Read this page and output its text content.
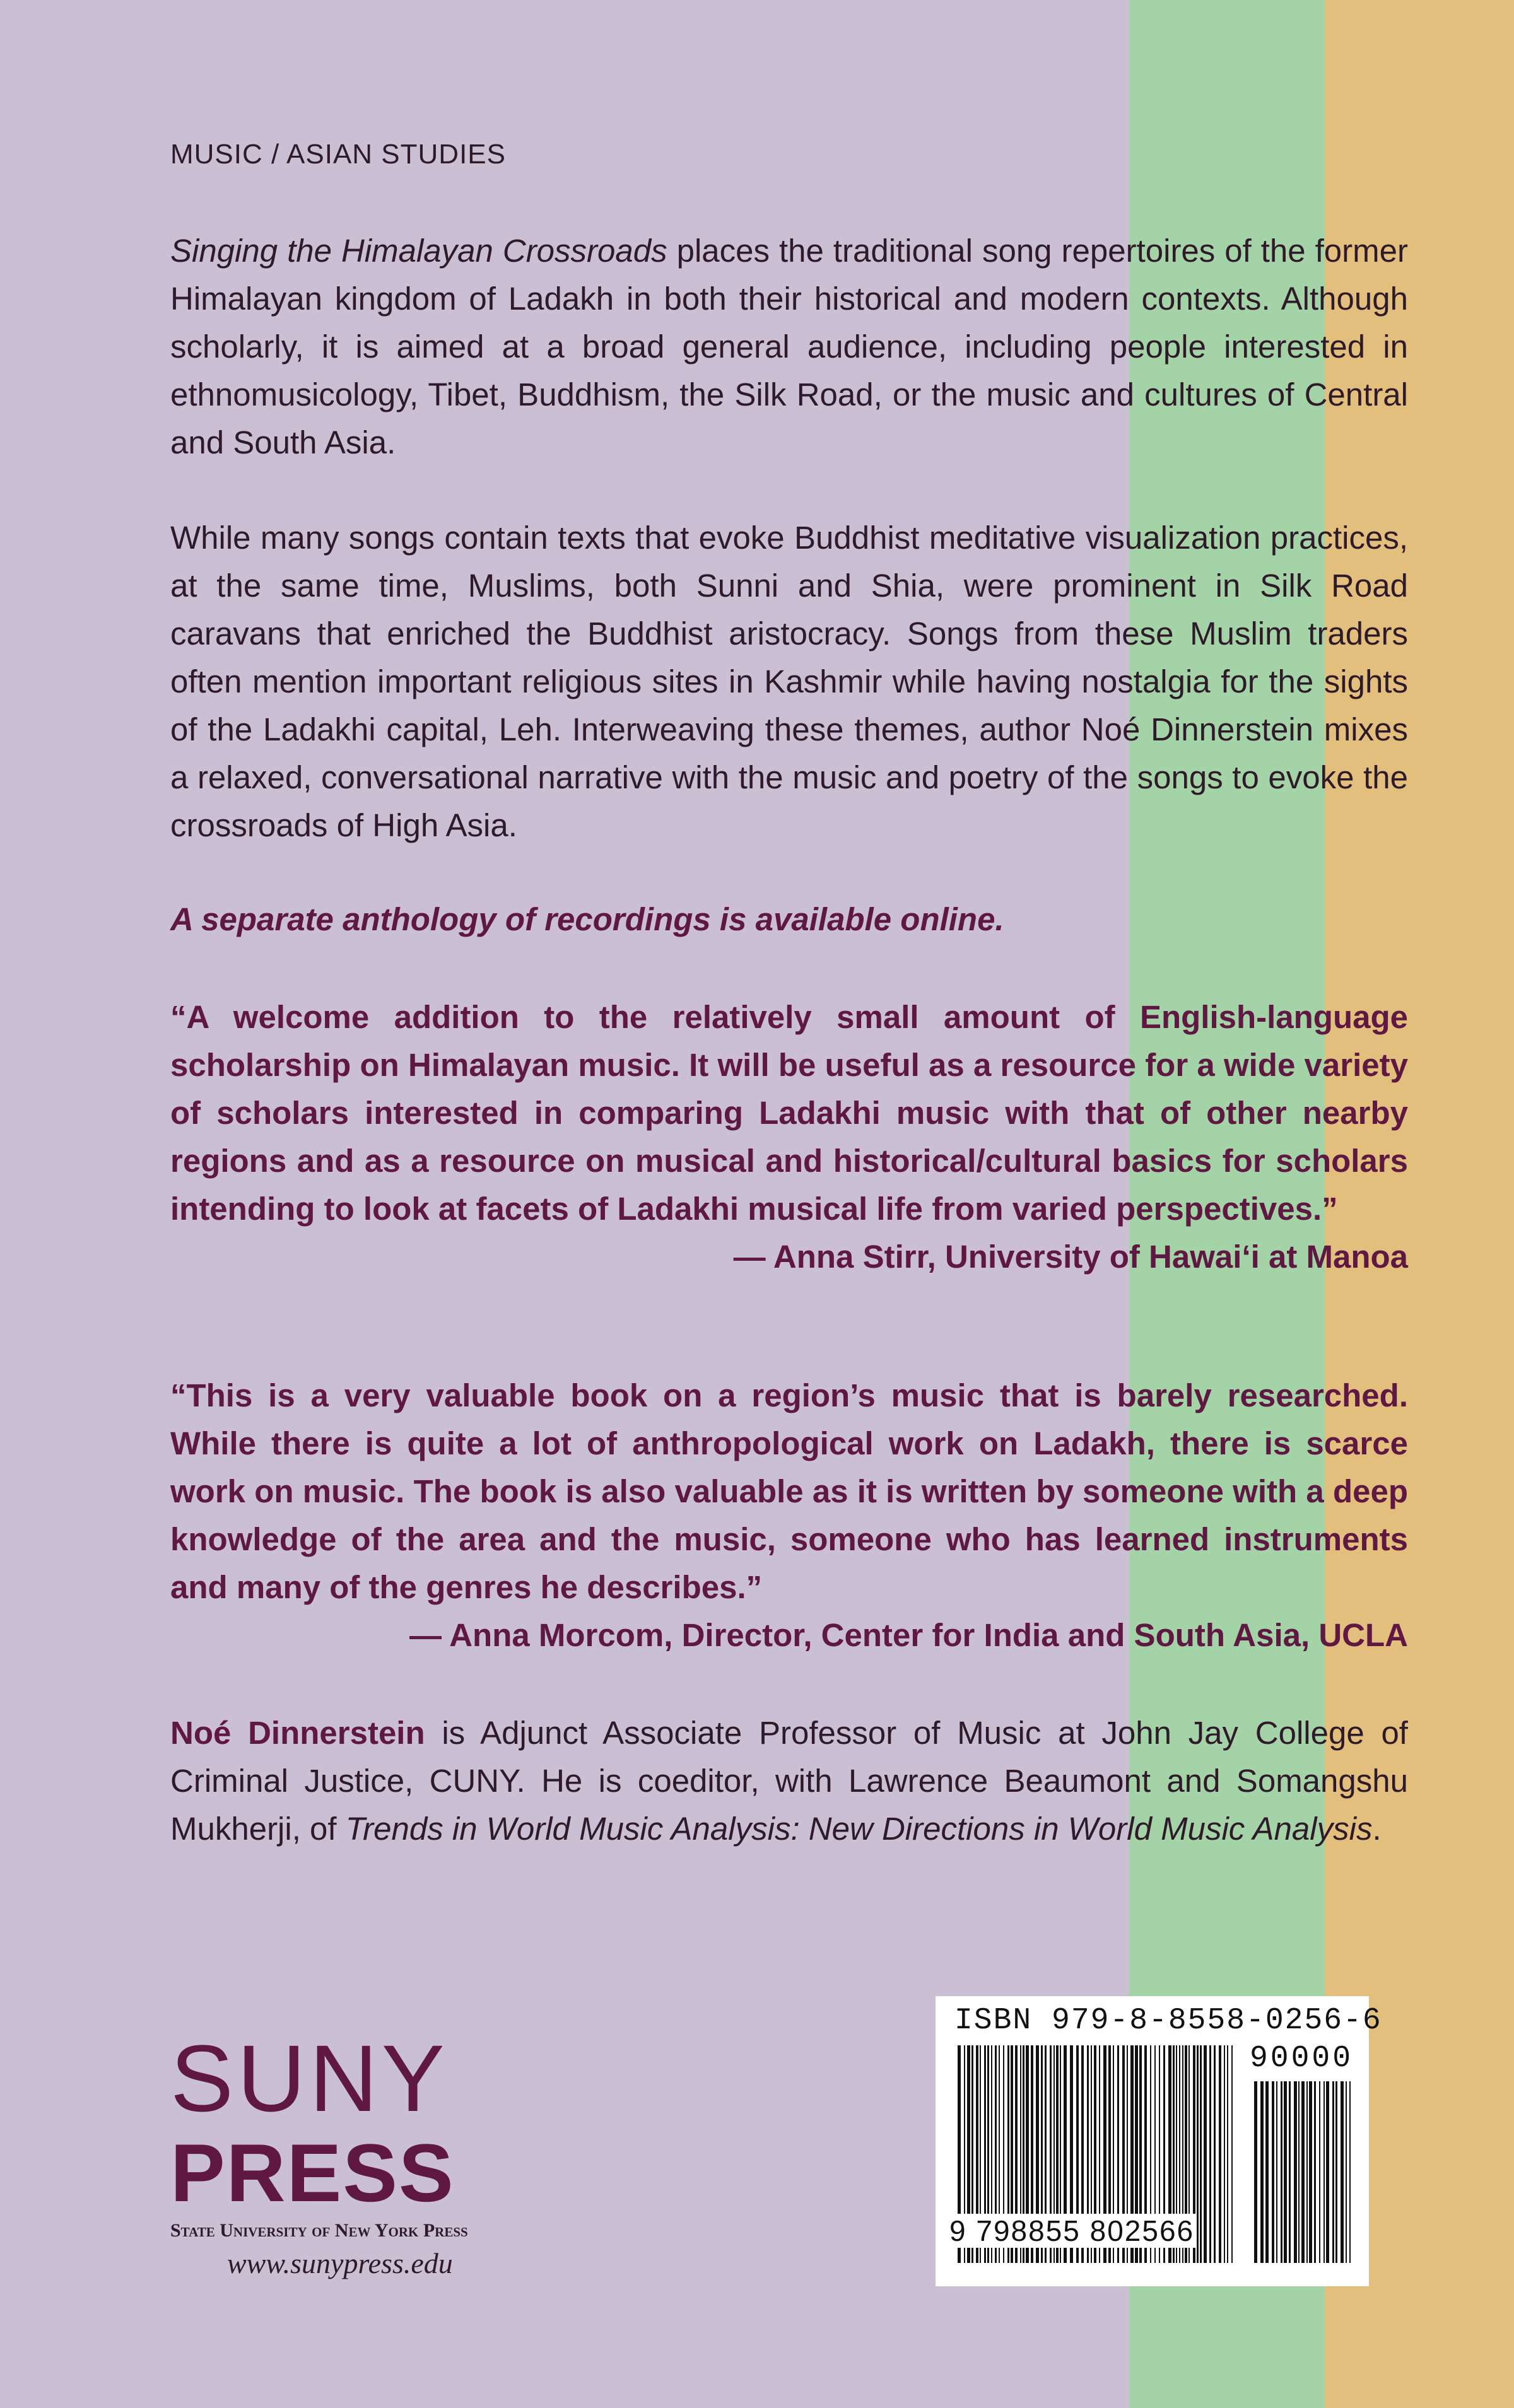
MUSIC / ASIAN STUDIES
Singing the Himalayan Crossroads places the traditional song repertoires of the former Himalayan kingdom of Ladakh in both their historical and modern contexts. Although scholarly, it is aimed at a broad general audience, including people interested in ethnomusicology, Tibet, Buddhism, the Silk Road, or the music and cultures of Central and South Asia.
While many songs contain texts that evoke Buddhist meditative visualization practices, at the same time, Muslims, both Sunni and Shia, were prominent in Silk Road caravans that enriched the Buddhist aristocracy. Songs from these Muslim traders often mention important religious sites in Kashmir while having nostalgia for the sights of the Ladakhi capital, Leh. Interweaving these themes, author Noé Dinnerstein mixes a relaxed, conversational narrative with the music and poetry of the songs to evoke the crossroads of High Asia.
A separate anthology of recordings is available online.
“A welcome addition to the relatively small amount of English-language scholarship on Himalayan music. It will be useful as a resource for a wide variety of scholars interested in comparing Ladakhi music with that of other nearby regions and as a resource on musical and historical/cultural basics for scholars intending to look at facets of Ladakhi musical life from varied perspectives.”
— Anna Stirr, University of Hawaiʻi at Manoa
“This is a very valuable book on a region’s music that is barely researched. While there is quite a lot of anthropological work on Ladakh, there is scarce work on music. The book is also valuable as it is written by someone with a deep knowledge of the area and the music, someone who has learned instruments and many of the genres he describes.”
— Anna Morcom, Director, Center for India and South Asia, UCLA
Noé Dinnerstein is Adjunct Associate Professor of Music at John Jay College of Criminal Justice, CUNY. He is coeditor, with Lawrence Beaumont and Somangshu Mukherji, of Trends in World Music Analysis: New Directions in World Music Analysis.
SUNY
PRESS
State University of New York Press
www.sunypress.edu
ISBN 979-8-8558-0256-6
90000
9 798855 802566
